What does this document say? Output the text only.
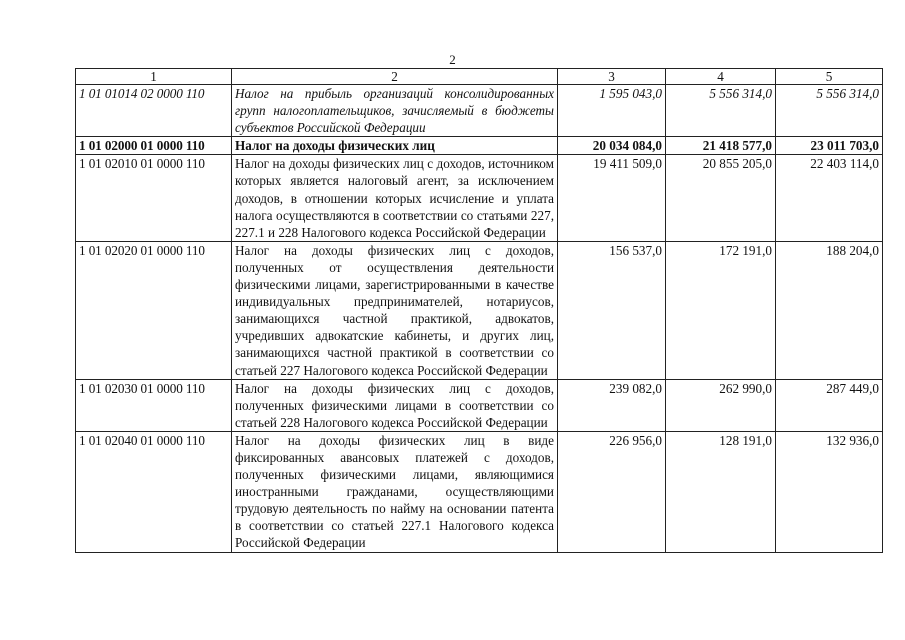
2
1	2	3	4	5
1 01 01014 02 0000 110	Налог на прибыль организаций консолидированных групп налогоплательщиков, зачисляемый в бюджеты субъектов Российской Федерации	1 595 043,0	5 556 314,0	5 556 314,0
1 01 02000 01 0000 110	Налог на доходы физических лиц	20 034 084,0	21 418 577,0	23 011 703,0
1 01 02010 01 0000 110	Налог на доходы физических лиц с доходов, источником которых является налоговый агент, за исключением доходов, в отношении которых исчисление и уплата налога осуществляются в соответствии со статьями 227, 227.1 и 228 Налогового кодекса Российской Федерации	19 411 509,0	20 855 205,0	22 403 114,0
1 01 02020 01 0000 110	Налог на доходы физических лиц с доходов, полученных от осуществления деятельности физическими лицами, зарегистрированными в качестве индивидуальных предпринимателей, нотариусов, занимающихся частной практикой, адвокатов, учредивших адвокатские кабинеты, и других лиц, занимающихся частной практикой в соответствии со статьей 227 Налогового кодекса Российской Федерации	156 537,0	172 191,0	188 204,0
1 01 02030 01 0000 110	Налог на доходы физических лиц с доходов, полученных физическими лицами в соответствии со статьей 228 Налогового кодекса Российской Федерации	239 082,0	262 990,0	287 449,0
1 01 02040 01 0000 110	Налог на доходы физических лиц в виде фиксированных авансовых платежей с доходов, полученных физическими лицами, являющимися иностранными гражданами, осуществляющими трудовую деятельность по найму на основании патента в соответствии со статьей 227.1 Налогового кодекса Российской Федерации	226 956,0	128 191,0	132 936,0
